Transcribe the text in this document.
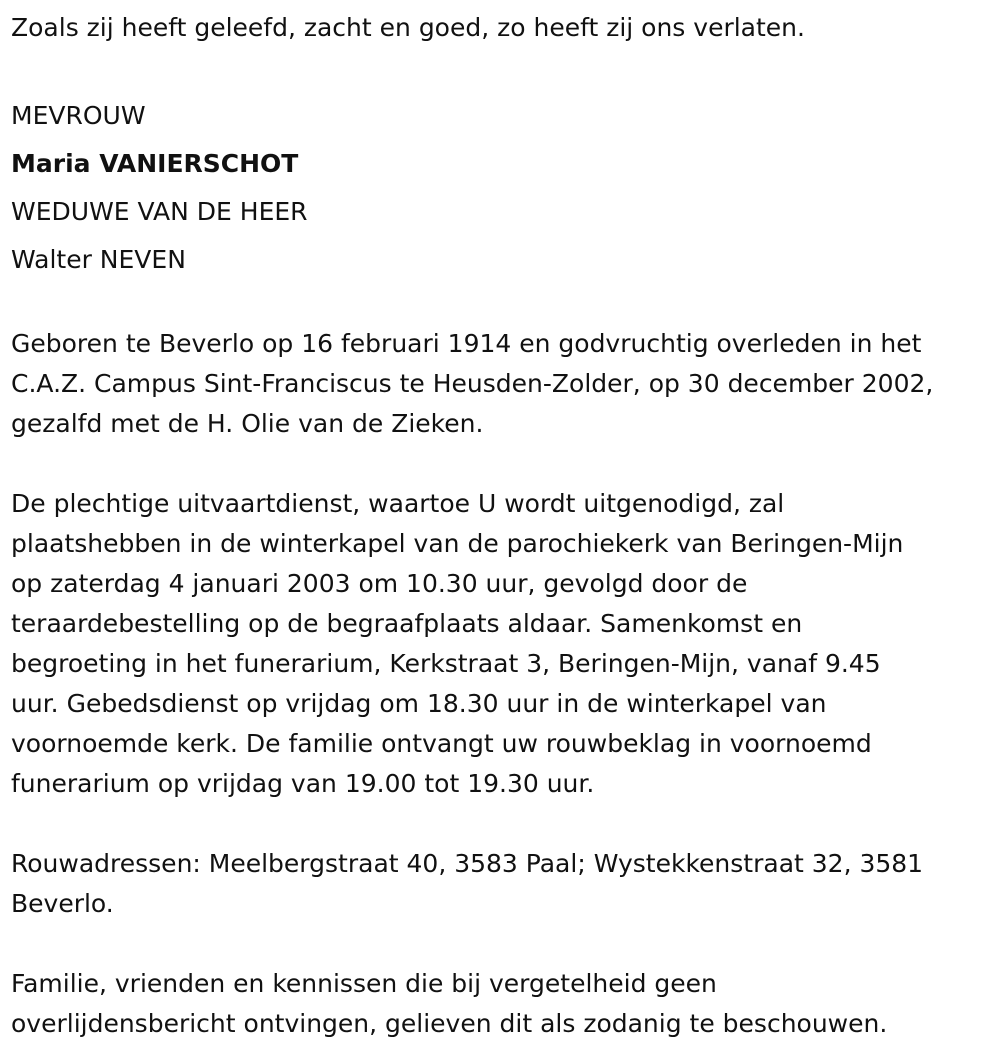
Zoals zij heeft geleefd, zacht en goed, zo heeft zij ons verlaten.
MEVROUW
Maria VANIERSCHOT
WEDUWE VAN DE HEER
Walter NEVEN
Geboren te Beverlo op 16 februari 1914 en godvruchtig overleden in het
C.A.Z. Campus Sint-Franciscus te Heusden-Zolder, op 30 december 2002,
gezalfd met de H. Olie van de Zieken.
De plechtige uitvaartdienst, waartoe U wordt uitgenodigd, zal
plaatshebben in de winterkapel van de parochiekerk van Beringen-Mijn
op zaterdag 4 januari 2003 om 10.30 uur, gevolgd door de
teraardebestelling op de begraafplaats aldaar. Samenkomst en
begroeting in het funerarium, Kerkstraat 3, Beringen-Mijn, vanaf 9.45
uur. Gebedsdienst op vrijdag om 18.30 uur in de winterkapel van
voornoemde kerk. De familie ontvangt uw rouwbeklag in voornoemd
funerarium op vrijdag van 19.00 tot 19.30 uur.
Rouwadressen: Meelbergstraat 40, 3583 Paal; Wystekkenstraat 32, 3581
Beverlo.
Familie, vrienden en kennissen die bij vergetelheid geen
overlijdensbericht ontvingen, gelieven dit als zodanig te beschouwen.
